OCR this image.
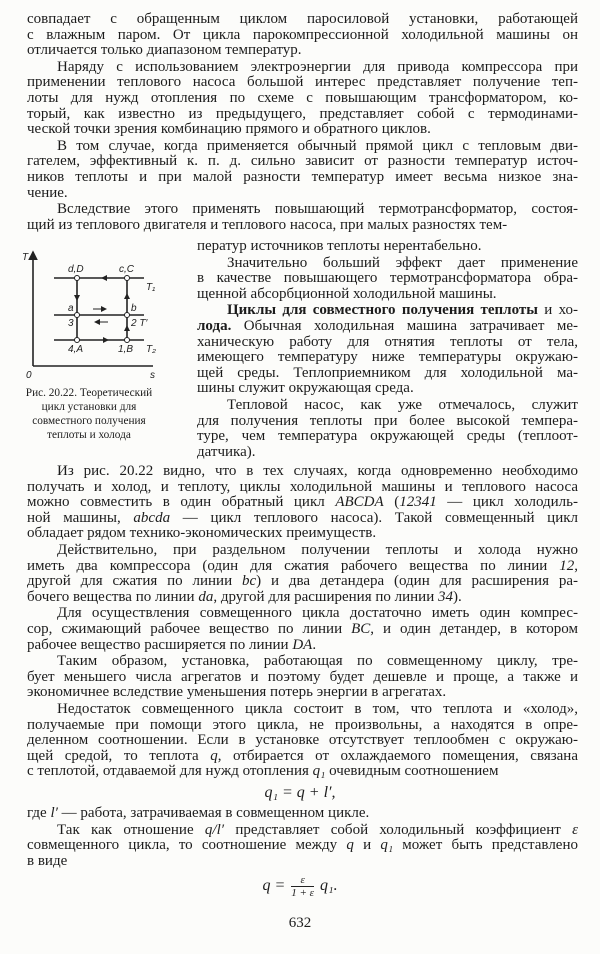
совпадает с обращенным циклом паросиловой установки, работающей
с влажным паром. От цикла парокомпрессионной холодильной машины он
отличается только диапазоном температур.
Наряду с использованием электроэнергии для привода компрессора при
применении теплового насоса большой интерес представляет получение теп-
лоты для нужд отопления по схеме с повышающим трансформатором, ко-
торый, как известно из предыдущего, представляет собой с термодинами-
ческой точки зрения комбинацию прямого и обратного циклов.
В том случае, когда применяется обычный прямой цикл с тепловым дви-
гателем, эффективный к. п. д. сильно зависит от разности температур источ-
ников теплоты и при малой разности температур имеет весьма низкое зна-
чение.
Вследствие этого применять повышающий термотрансформатор, состоя-
щий из теплового двигателя и теплового насоса, при малых разностях тем-
ператур источников теплоты нерентабельно.
Значительно больший эффект дает применение
в качестве повышающего термотрансформатора обра-
щенной абсорбционной холодильной машины.
Циклы для совместного получения теплоты и хо-
лода. Обычная холодильная машина затрачивает ме-
ханическую работу для отнятия теплоты от тела,
имеющего температуру ниже температуры окружаю-
щей среды. Теплоприемником для холодильной ма-
шины служит окружающая среда.
Тепловой насос, как уже отмечалось, служит
для получения теплоты при более высокой темпера-
туре, чем температура окружающей среды (теплоот-
датчика).
T
s
0
d,D	c,C
T₁
a	b
3	2 T′
4,A	1,B T₂
Рис. 20.22. Теоретический цикл установки для совместного получения теплоты и холода
Из рис. 20.22 видно, что в тех случаях, когда одновременно необходимо
получать и холод, и теплоту, циклы холодильной машины и теплового насоса
можно совместить в один обратный цикл ABCDA (12341 — цикл холодиль-
ной машины, abcda — цикл теплового насоса). Такой совмещенный цикл
обладает рядом технико-экономических преимуществ.
Действительно, при раздельном получении теплоты и холода нужно
иметь два компрессора (один для сжатия рабочего вещества по линии 12,
другой для сжатия по линии bc) и два детандера (один для расширения ра-
бочего вещества по линии da, другой для расширения по линии 34).
Для осуществления совмещенного цикла достаточно иметь один компрес-
сор, сжимающий рабочее вещество по линии BC, и один детандер, в котором
рабочее вещество расширяется по линии DA.
Таким образом, установка, работающая по совмещенному циклу, тре-
бует меньшего числа агрегатов и поэтому будет дешевле и проще, а также и
экономичнее вследствие уменьшения потерь энергии в агрегатах.
Недостаток совмещенного цикла состоит в том, что теплота и «холод»,
получаемые при помощи этого цикла, не произвольны, а находятся в опре-
деленном соотношении. Если в установке отсутствует теплообмен с окружаю-
щей средой, то теплота q, отбирается от охлаждаемого помещения, связана
с теплотой, отдаваемой для нужд отопления q₁ очевидным соотношением
q₁ = q + l′,
где l′ — работа, затрачиваемая в совмещенном цикле.
Так как отношение q/l′ представляет собой холодильный коэффициент ε
совмещенного цикла, то соотношение между q и q₁ может быть представлено
в виде
$q = \frac{\varepsilon}{1 + \varepsilon} q_1$.
632
